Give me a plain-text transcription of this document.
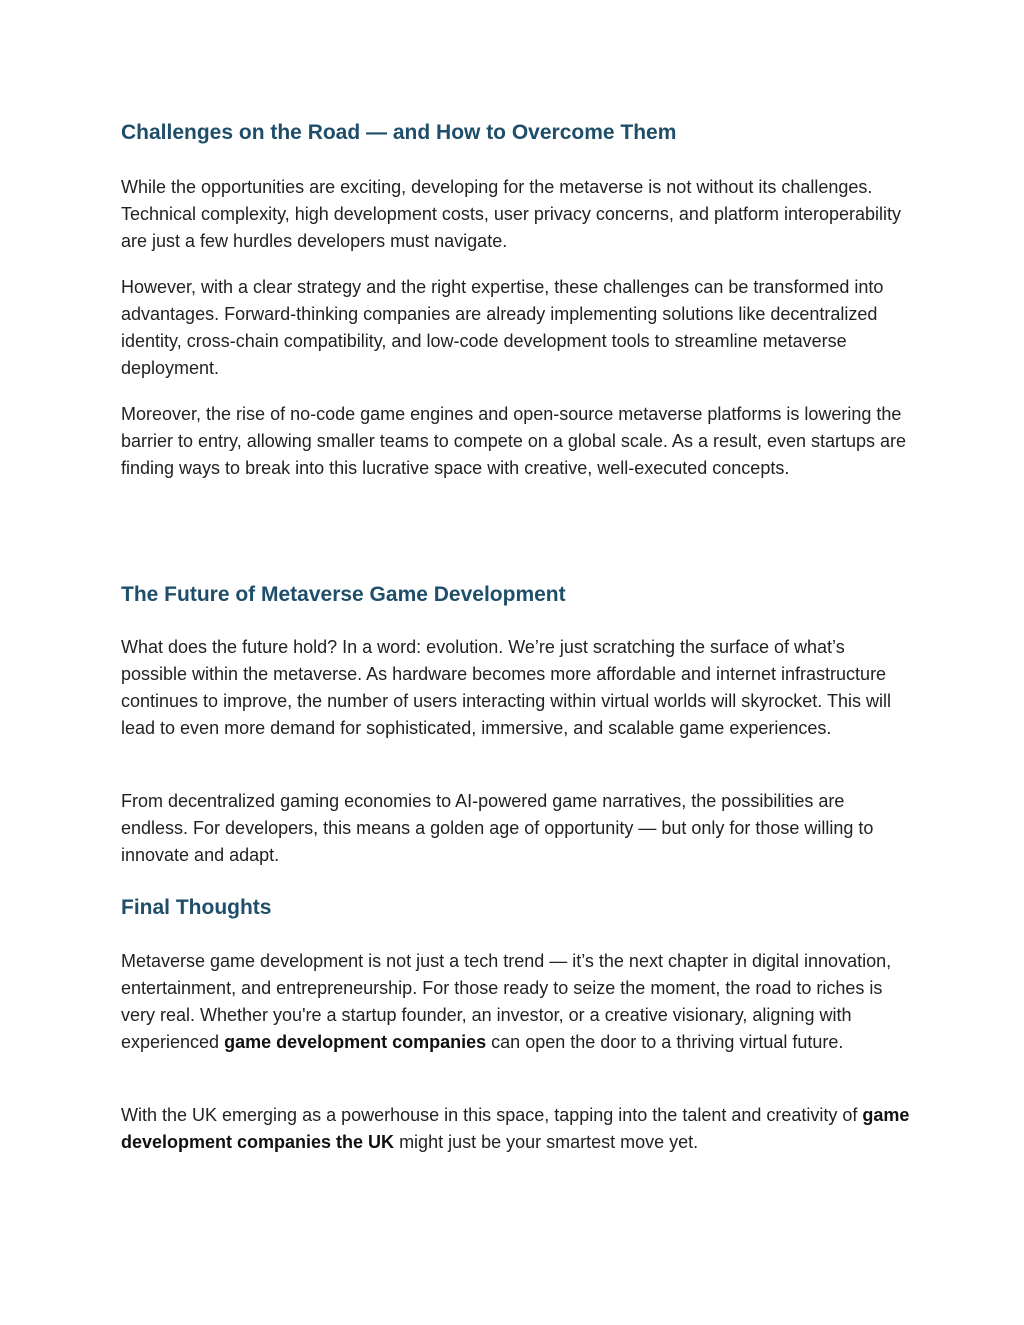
Challenges on the Road — and How to Overcome Them

While the opportunities are exciting, developing for the metaverse is not without its challenges. Technical complexity, high development costs, user privacy concerns, and platform interoperability are just a few hurdles developers must navigate.

However, with a clear strategy and the right expertise, these challenges can be transformed into advantages. Forward-thinking companies are already implementing solutions like decentralized identity, cross-chain compatibility, and low-code development tools to streamline metaverse deployment.

Moreover, the rise of no-code game engines and open-source metaverse platforms is lowering the barrier to entry, allowing smaller teams to compete on a global scale. As a result, even startups are finding ways to break into this lucrative space with creative, well-executed concepts.

The Future of Metaverse Game Development

What does the future hold? In a word: evolution. We’re just scratching the surface of what’s possible within the metaverse. As hardware becomes more affordable and internet infrastructure continues to improve, the number of users interacting within virtual worlds will skyrocket. This will lead to even more demand for sophisticated, immersive, and scalable game experiences.

From decentralized gaming economies to AI-powered game narratives, the possibilities are endless. For developers, this means a golden age of opportunity — but only for those willing to innovate and adapt.

Final Thoughts

Metaverse game development is not just a tech trend — it’s the next chapter in digital innovation, entertainment, and entrepreneurship. For those ready to seize the moment, the road to riches is very real. Whether you're a startup founder, an investor, or a creative visionary, aligning with experienced game development companies can open the door to a thriving virtual future.

With the UK emerging as a powerhouse in this space, tapping into the talent and creativity of game development companies the UK might just be your smartest move yet.
